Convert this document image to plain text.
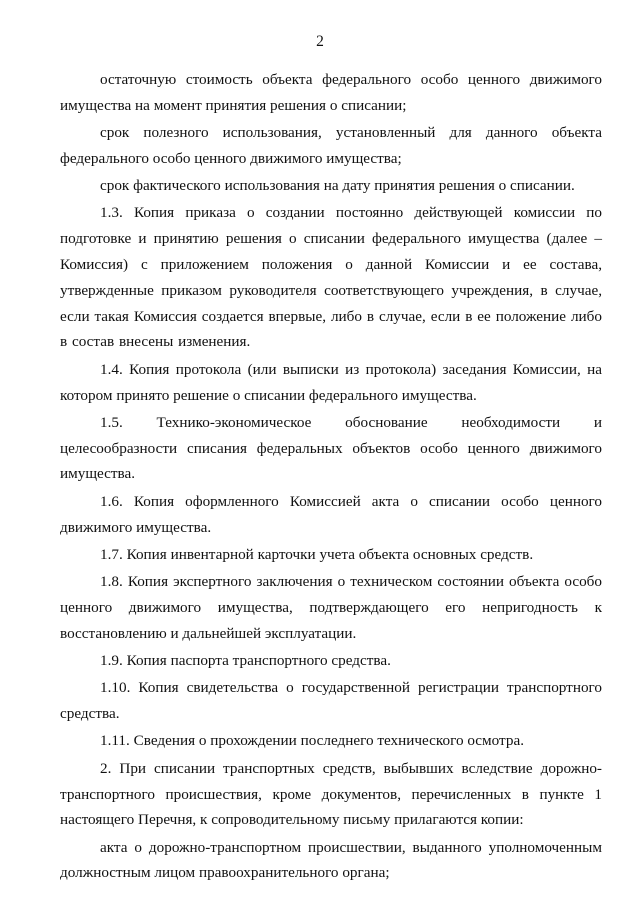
2

остаточную стоимость объекта федерального особо ценного движимого имущества на момент принятия решения о списании;

срок полезного использования, установленный для данного объекта федерального особо ценного движимого имущества;

срок фактического использования на дату принятия решения о списании.

1.3. Копия приказа о создании постоянно действующей комиссии по подготовке и принятию решения о списании федерального имущества (далее – Комиссия) с приложением положения о данной Комиссии и ее состава, утвержденные приказом руководителя соответствующего учреждения, в случае, если такая Комиссия создается впервые, либо в случае, если в ее положение либо в состав внесены изменения.

1.4. Копия протокола (или выписки из протокола) заседания Комиссии, на котором принято решение о списании федерального имущества.

1.5. Технико-экономическое обоснование необходимости и целесообразности списания федеральных объектов особо ценного движимого имущества.

1.6. Копия оформленного Комиссией акта о списании особо ценного движимого имущества.

1.7. Копия инвентарной карточки учета объекта основных средств.

1.8. Копия экспертного заключения о техническом состоянии объекта особо ценного движимого имущества, подтверждающего его непригодность к восстановлению и дальнейшей эксплуатации.

1.9. Копия паспорта транспортного средства.

1.10. Копия свидетельства о государственной регистрации транспортного средства.

1.11. Сведения о прохождении последнего технического осмотра.

2. При списании транспортных средств, выбывших вследствие дорожно-транспортного происшествия, кроме документов, перечисленных в пункте 1 настоящего Перечня, к сопроводительному письму прилагаются копии:

акта о дорожно-транспортном происшествии, выданного уполномоченным должностным лицом правоохранительного органа;
